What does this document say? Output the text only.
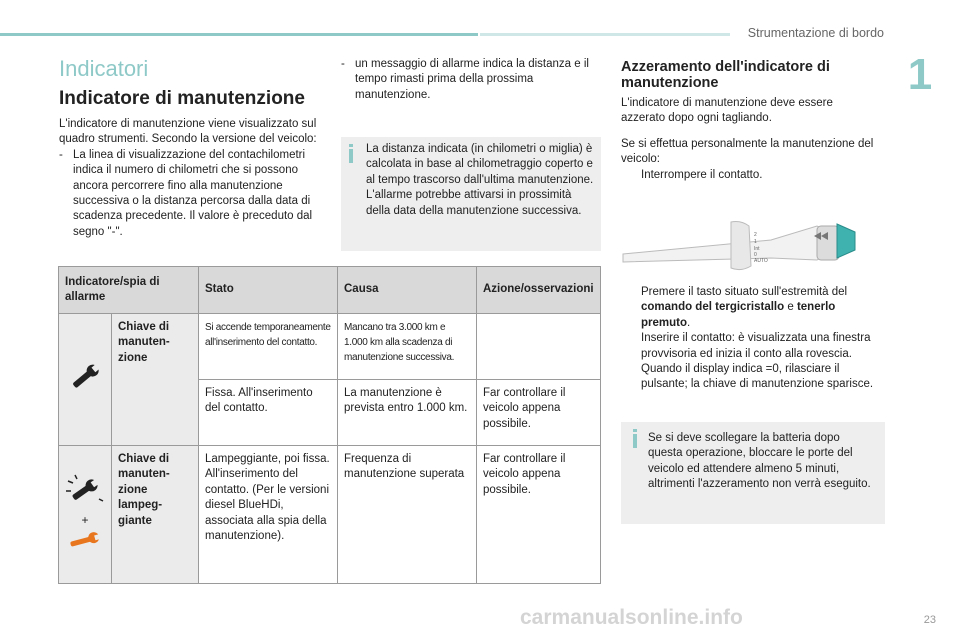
Strumentazione di bordo
1
23
Indicatori
Indicatore di manutenzione
L'indicatore di manutenzione viene visualizzato sul quadro strumenti. Secondo la versione del veicolo:
- La linea di visualizzazione del contachilometri indica il numero di chilometri che si possono ancora percorrere fino alla manutenzione successiva o la distanza percorsa dalla data di scadenza precedente. Il valore è preceduto dal segno "-".
- un messaggio di allarme indica la distanza e il tempo rimasti prima della prossima manutenzione.
La distanza indicata (in chilometri o miglia) è calcolata in base al chilometraggio coperto e al tempo trascorso dall'ultima manutenzione.
L'allarme potrebbe attivarsi in prossimità della data della manutenzione successiva.
Indicatore/spia di allarme		Stato	Causa	Azione/osservazioni
	Chiave di manuten- zione	Si accende temporaneamente all'inserimento del contatto.	Mancano tra 3.000 km e 1.000 km alla scadenza di manutenzione successiva.	
		Fissa. All'inserimento del contatto.	La manutenzione è prevista entro 1.000 km.	Far controllare il veicolo appena possibile.

+	Chiave di manuten- zione lampeg- giante	Lampeggiante, poi fissa. All'inserimento del contatto. (Per le versioni diesel BlueHDi, associata alla spia della manutenzione).	Frequenza di manutenzione superata	Far controllare il veicolo appena possibile.
Azzeramento dell'indicatore di manutenzione
L'indicatore di manutenzione deve essere azzerato dopo ogni tagliando.
Se si effettua personalmente la manutenzione del veicolo:
Interrompere il contatto.
2
1
Int
0
AUTO
Premere il tasto situato sull'estremità del comando del tergicristallo e tenerlo premuto.
Inserire il contatto: è visualizzata una finestra provvisoria ed inizia il conto alla rovescia.
Quando il display indica =0, rilasciare il pulsante; la chiave di manutenzione sparisce.
Se si deve scollegare la batteria dopo questa operazione, bloccare le porte del veicolo ed attendere almeno 5 minuti, altrimenti l'azzeramento non verrà eseguito.
carmanualsonline.info
